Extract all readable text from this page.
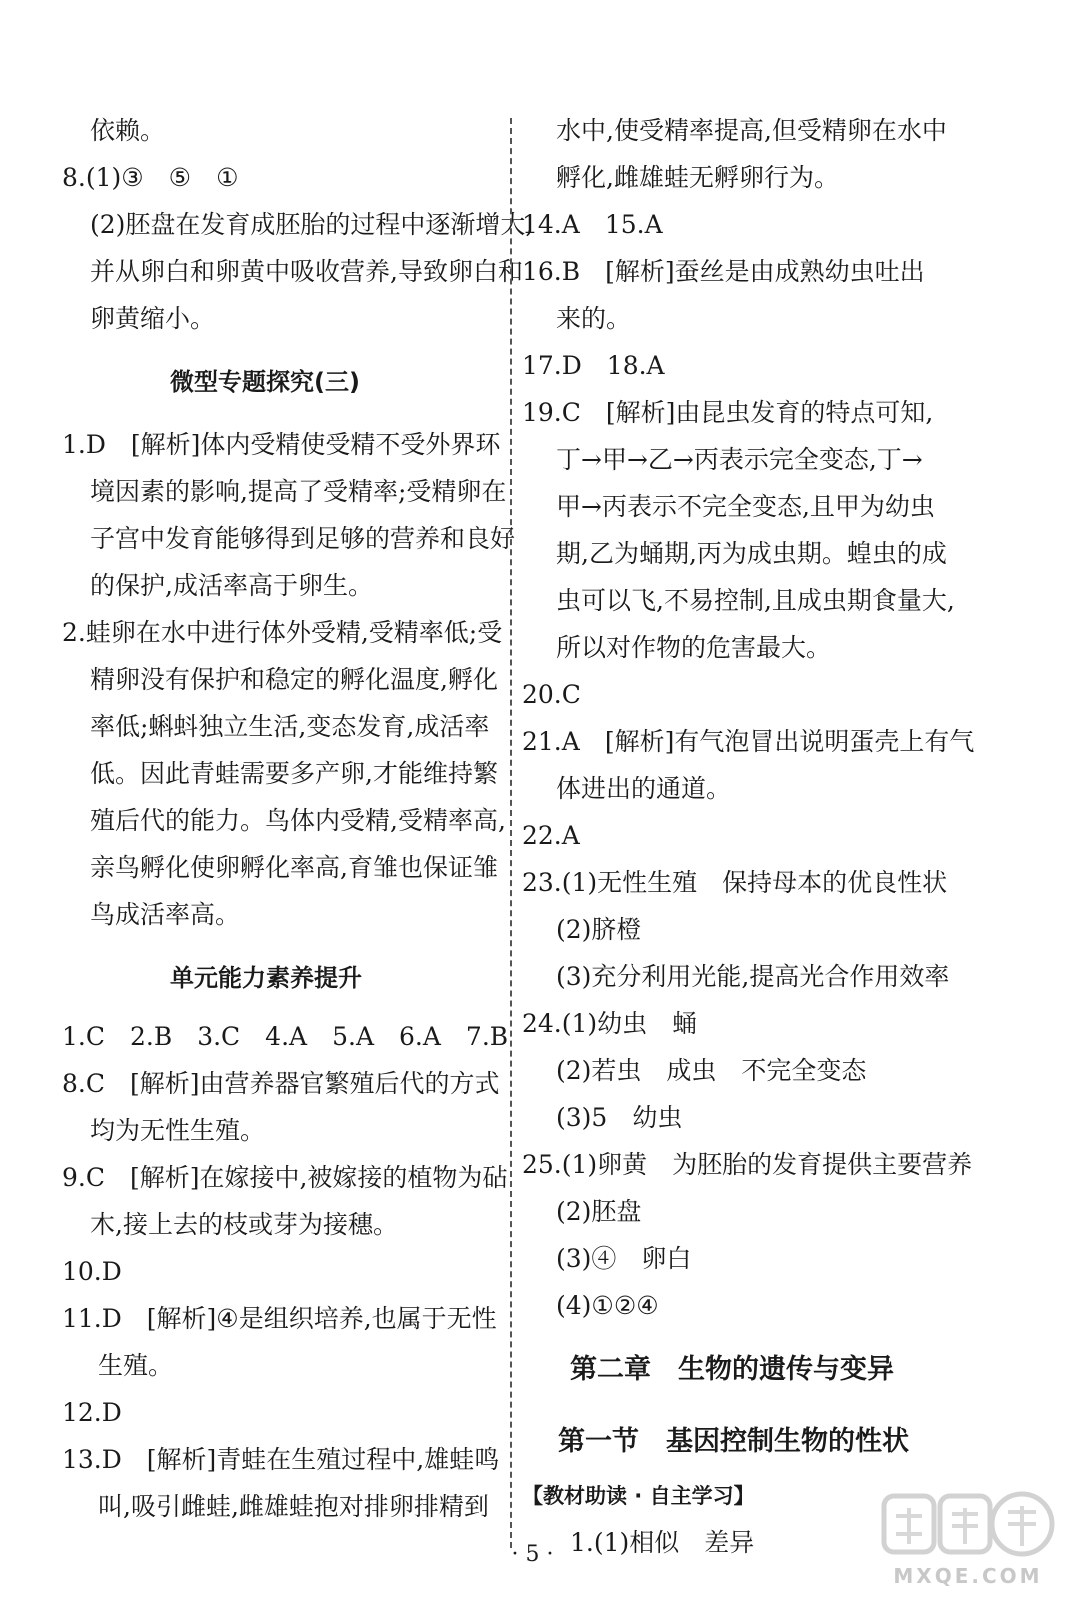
依赖。
8.(1)③　⑤　①
(2)胚盘在发育成胚胎的过程中逐渐增大,
并从卵白和卵黄中吸收营养,导致卵白和
卵黄缩小。
微型专题探究(三)
1.D　[解析]体内受精使受精不受外界环
境因素的影响,提高了受精率;受精卵在
子宫中发育能够得到足够的营养和良好
的保护,成活率高于卵生。
2.蛙卵在水中进行体外受精,受精率低;受
精卵没有保护和稳定的孵化温度,孵化
率低;蝌蚪独立生活,变态发育,成活率
低。因此青蛙需要多产卵,才能维持繁
殖后代的能力。鸟体内受精,受精率高,
亲鸟孵化使卵孵化率高,育雏也保证雏
鸟成活率高。
单元能力素养提升
1.C　2.B　3.C　4.A　5.A　6.A　7.B
8.C　[解析]由营养器官繁殖后代的方式
均为无性生殖。
9.C　[解析]在嫁接中,被嫁接的植物为砧
木,接上去的枝或芽为接穗。
10.D
11.D　[解析]④是组织培养,也属于无性
生殖。
12.D
13.D　[解析]青蛙在生殖过程中,雄蛙鸣
叫,吸引雌蛙,雌雄蛙抱对排卵排精到
水中,使受精率提高,但受精卵在水中
孵化,雌雄蛙无孵卵行为。
14.A　15.A
16.B　[解析]蚕丝是由成熟幼虫吐出
来的。
17.D　18.A
19.C　[解析]由昆虫发育的特点可知,
丁→甲→乙→丙表示完全变态,丁→
甲→丙表示不完全变态,且甲为幼虫
期,乙为蛹期,丙为成虫期。蝗虫的成
虫可以飞,不易控制,且成虫期食量大,
所以对作物的危害最大。
20.C
21.A　[解析]有气泡冒出说明蛋壳上有气
体进出的通道。
22.A
23.(1)无性生殖　保持母本的优良性状
(2)脐橙
(3)充分利用光能,提高光合作用效率
24.(1)幼虫　蛹
(2)若虫　成虫　不完全变态
(3)5　幼虫
25.(1)卵黄　为胚胎的发育提供主要营养
(2)胚盘
(3)④　卵白
(4)①②④
第二章　生物的遗传与变异
第一节　基因控制生物的性状
【教材助读 · 自主学习】
1.(1)相似　差异
· 5 ·
MXQE.COM
